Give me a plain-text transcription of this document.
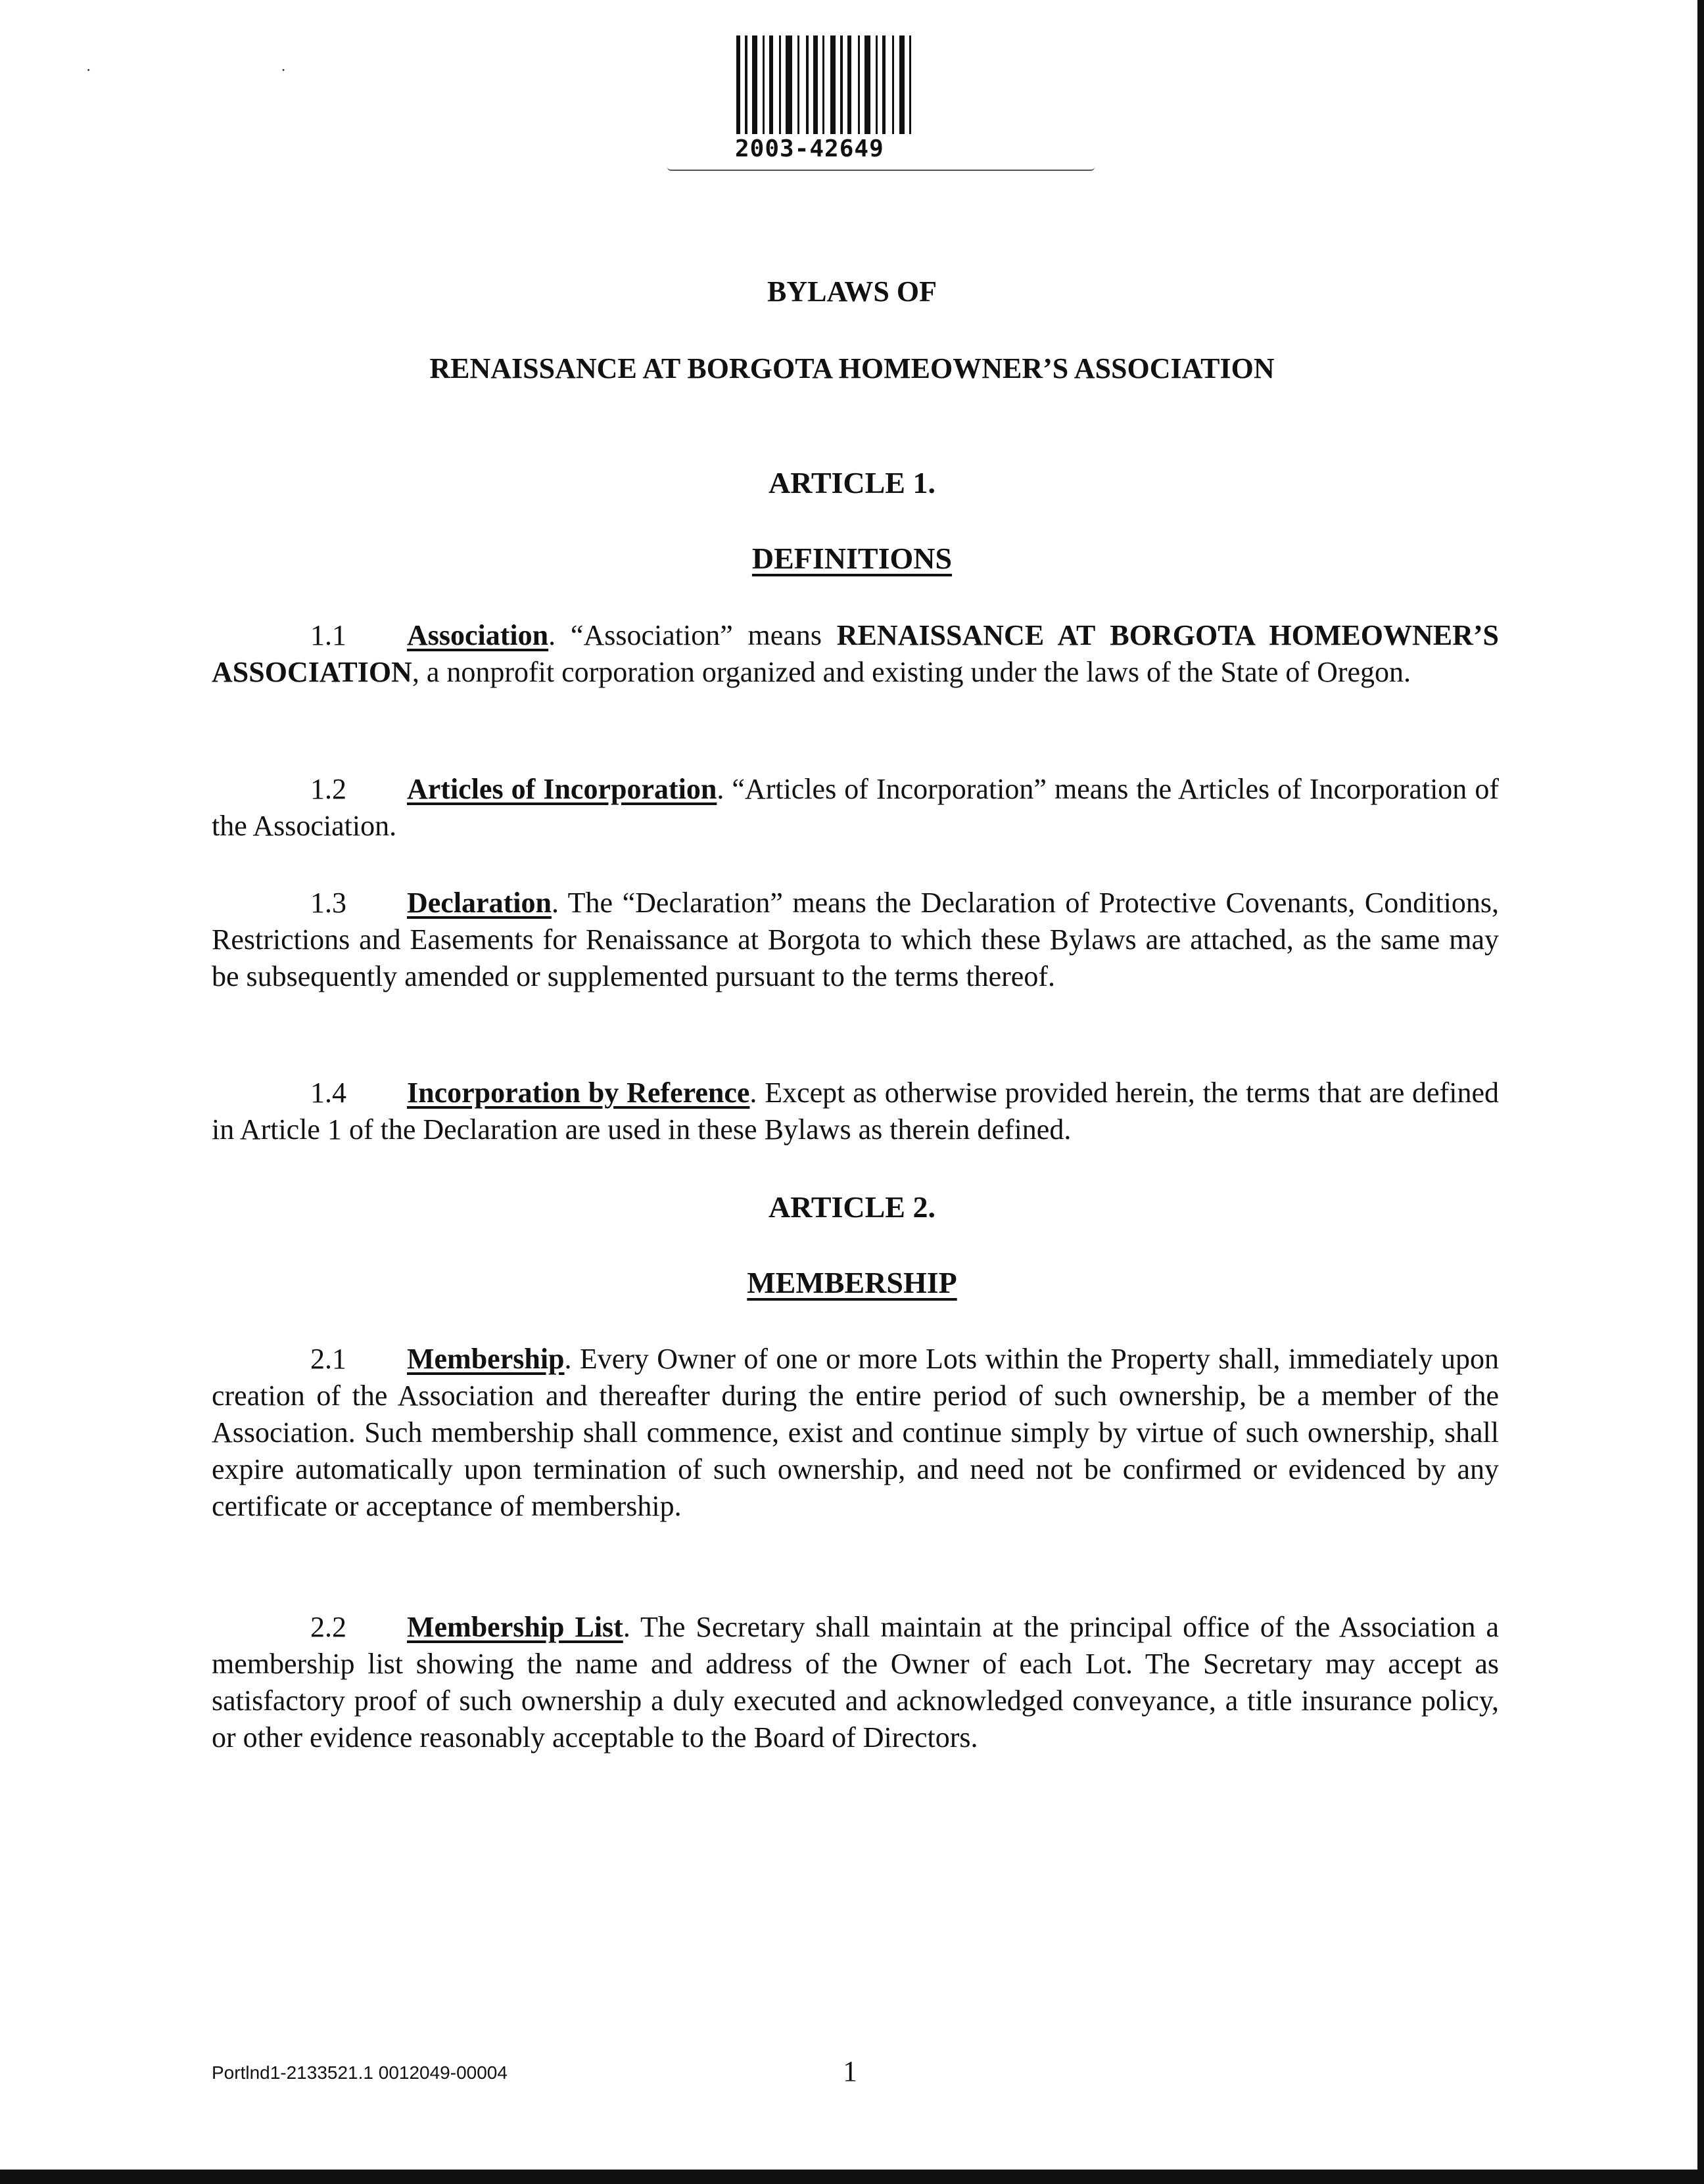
˙ ˙
2003-42649
BYLAWS OF
RENAISSANCE AT BORGOTA HOMEOWNER’S ASSOCIATION
ARTICLE 1.
DEFINITIONS
1.1 Association. “Association” means RENAISSANCE AT BORGOTA HOMEOWNER’S ASSOCIATION, a nonprofit corporation organized and existing under the laws of the State of Oregon.
1.2 Articles of Incorporation. “Articles of Incorporation” means the Articles of Incorporation of the Association.
1.3 Declaration. The “Declaration” means the Declaration of Protective Covenants, Conditions, Restrictions and Easements for Renaissance at Borgota to which these Bylaws are attached, as the same may be subsequently amended or supplemented pursuant to the terms thereof.
1.4 Incorporation by Reference. Except as otherwise provided herein, the terms that are defined in Article 1 of the Declaration are used in these Bylaws as therein defined.
ARTICLE 2.
MEMBERSHIP
2.1 Membership. Every Owner of one or more Lots within the Property shall, immediately upon creation of the Association and thereafter during the entire period of such ownership, be a member of the Association. Such membership shall commence, exist and continue simply by virtue of such ownership, shall expire automatically upon termination of such ownership, and need not be confirmed or evidenced by any certificate or acceptance of membership.
2.2 Membership List. The Secretary shall maintain at the principal office of the Association a membership list showing the name and address of the Owner of each Lot. The Secretary may accept as satisfactory proof of such ownership a duly executed and acknowledged conveyance, a title insurance policy, or other evidence reasonably acceptable to the Board of Directors.
Portlnd1-2133521.1 0012049-00004	1
